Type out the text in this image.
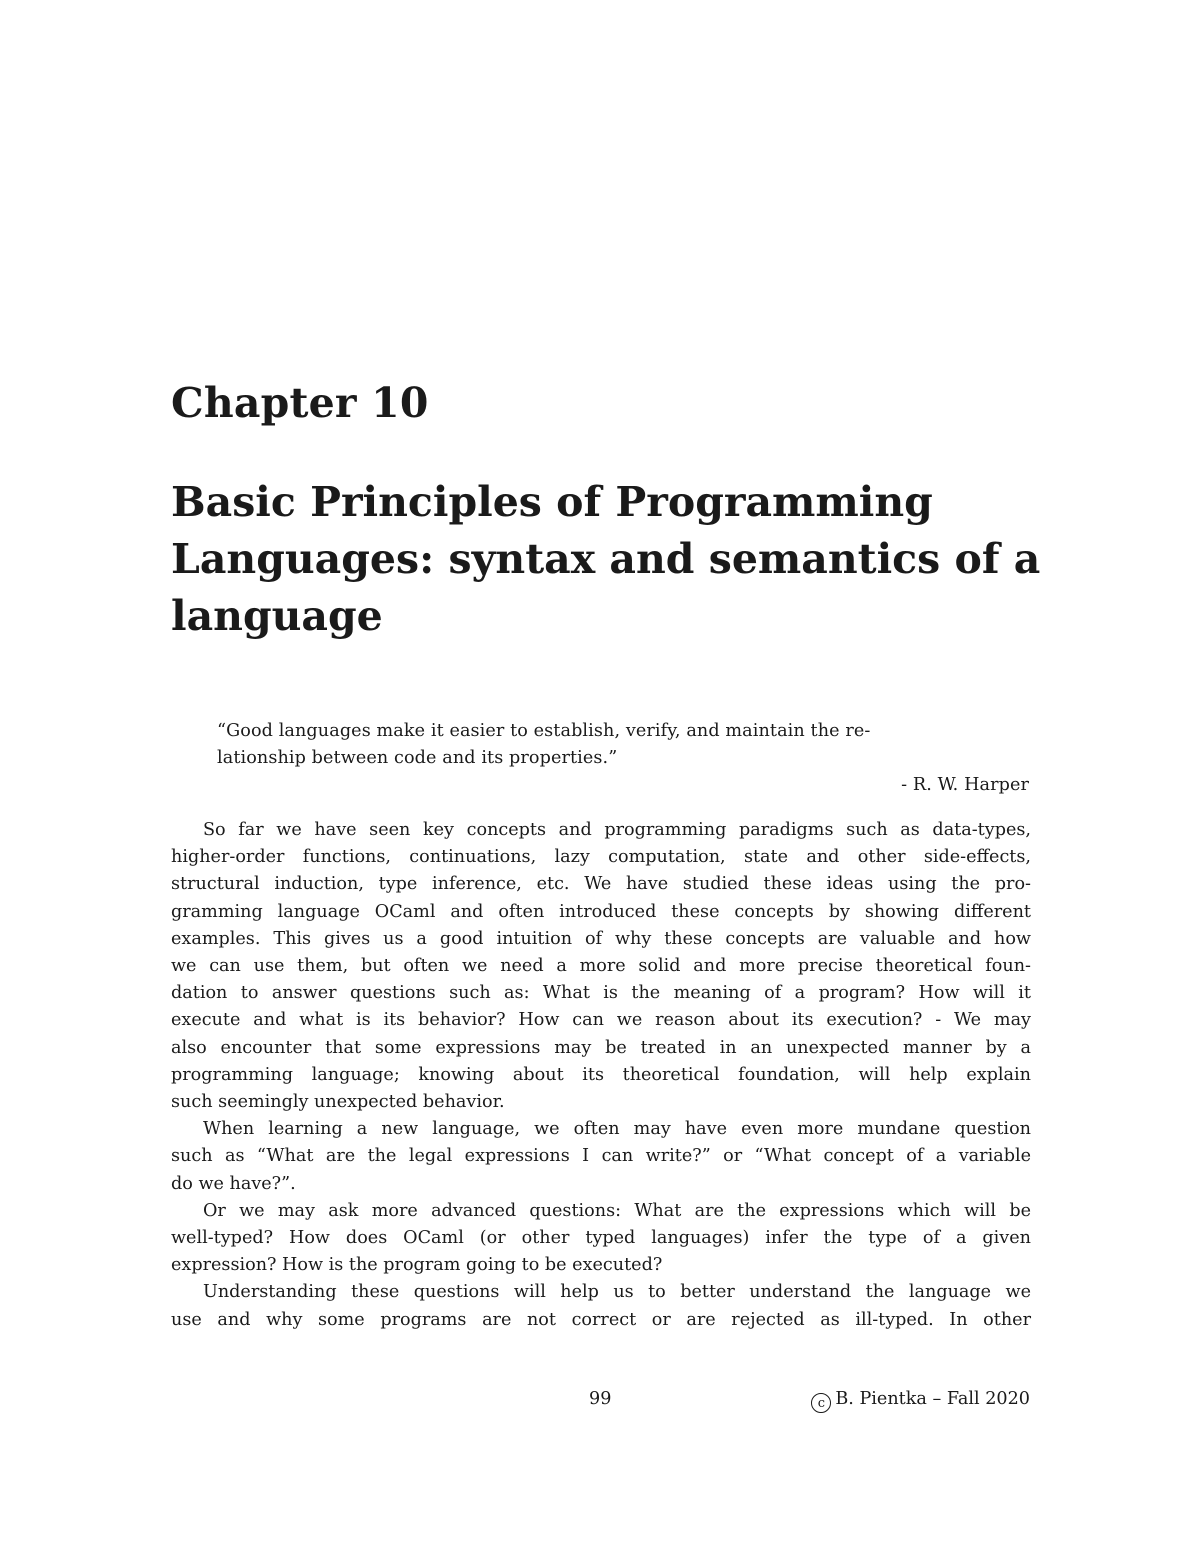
Chapter 10
Basic Principles of Programming
Languages: syntax and semantics of a
language
“Good languages make it easier to establish, verify, and maintain the re-
lationship between code and its properties.”
- R. W. Harper
So far we have seen key concepts and programming paradigms such as data-types,
higher-order functions, continuations, lazy computation, state and other side-effects,
structural induction, type inference, etc. We have studied these ideas using the pro-
gramming language OCaml and often introduced these concepts by showing different
examples. This gives us a good intuition of why these concepts are valuable and how
we can use them, but often we need a more solid and more precise theoretical foun-
dation to answer questions such as: What is the meaning of a program? How will it
execute and what is its behavior? How can we reason about its execution? - We may
also encounter that some expressions may be treated in an unexpected manner by a
programming language; knowing about its theoretical foundation, will help explain
such seemingly unexpected behavior.
When learning a new language, we often may have even more mundane question
such as “What are the legal expressions I can write?” or “What concept of a variable
do we have?”.
Or we may ask more advanced questions: What are the expressions which will be
well-typed? How does OCaml (or other typed languages) infer the type of a given
expression? How is the program going to be executed?
Understanding these questions will help us to better understand the language we
use and why some programs are not correct or are rejected as ill-typed. In other
99	c B. Pientka – Fall 2020
